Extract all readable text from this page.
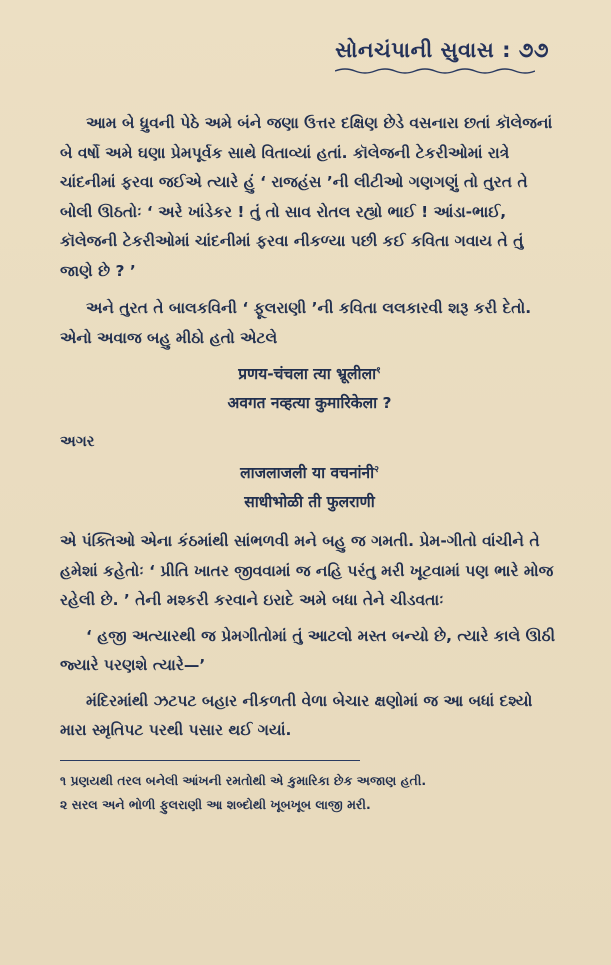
સોનચંપાની સુવાસ : ૭૭

આમ બે ધ્રુવની પેઠે અમે બંને જણા ઉત્તર દક્ષિણ છેડે વસનારા છતાં કૉલેજનાં બે વર્ષો અમે ઘણા પ્રેમપૂર્વક સાથે વિતાવ્યાં હતાં. કૉલેજની ટેકરીઓમાં રાત્રે ચાંદનીમાં ફરવા જઈએ ત્યારે હું ‘ રાજહંસ ’ની લીટીઓ ગણગણું તો તુરત તે બોલી ઊઠતોઃ ‘ અરે ખાંડેકર ! તું તો સાવ રોતલ રહ્યો ભાઈ ! આંડા-ભાઈ, કૉલેજની ટેકરીઓમાં ચાંદનીમાં ફરવા નીકળ્યા પછી કઈ કવિતા ગવાય તે તું જાણે છે ? ’

અને તુરત તે બાલકવિની ‘ ફૂલરાણી ’ની કવિતા લલકારવી શરૂ કરી દેતો. એનો અવાજ બહુ મીઠો હતો એટલે

प्रणय-चंचला त्या भ्रूलीला$^१$

अवगत नव्हत्या कुमारिकेला ?

અગર

लाजलाजली या वचनांनी$^२$

साधीभोळी ती फुलराणी

એ પંક્તિઓ એના કંઠમાંથી સાંભળવી મને બહુ જ ગમતી. પ્રેમ-ગીતો વાંચીને તે હમેશાં કહેતોઃ ‘ પ્રીતિ ખાતર જીવવામાં જ નહિ પરંતુ મરી ખૂટવામાં પણ ભારે મોજ રહેલી છે. ’ તેની મશ્કરી કરવાને ઇરાદે અમે બધા તેને ચીડવતાઃ

‘ હજી અત્યારથી જ પ્રેમગીતોમાં તું આટલો મસ્ત બન્યો છે, ત્યારે કાલે ઊઠી જ્યારે પરણશે ત્યારે—’

મંદિરમાંથી ઝટપટ બહાર નીકળતી વેળા બેચાર ક્ષણોમાં જ આ બધાં દશ્યો મારા સ્મૃતિપટ પરથી પસાર થઈ ગયાં.

૧ પ્રણયથી તરલ બનેલી આંખની રમતોથી એ કુમારિકા છેક અજાણ હતી.

૨ સરલ અને ભોળી ફુલરાણી આ શબ્દોથી ખૂબખૂબ લાજી મરી.
